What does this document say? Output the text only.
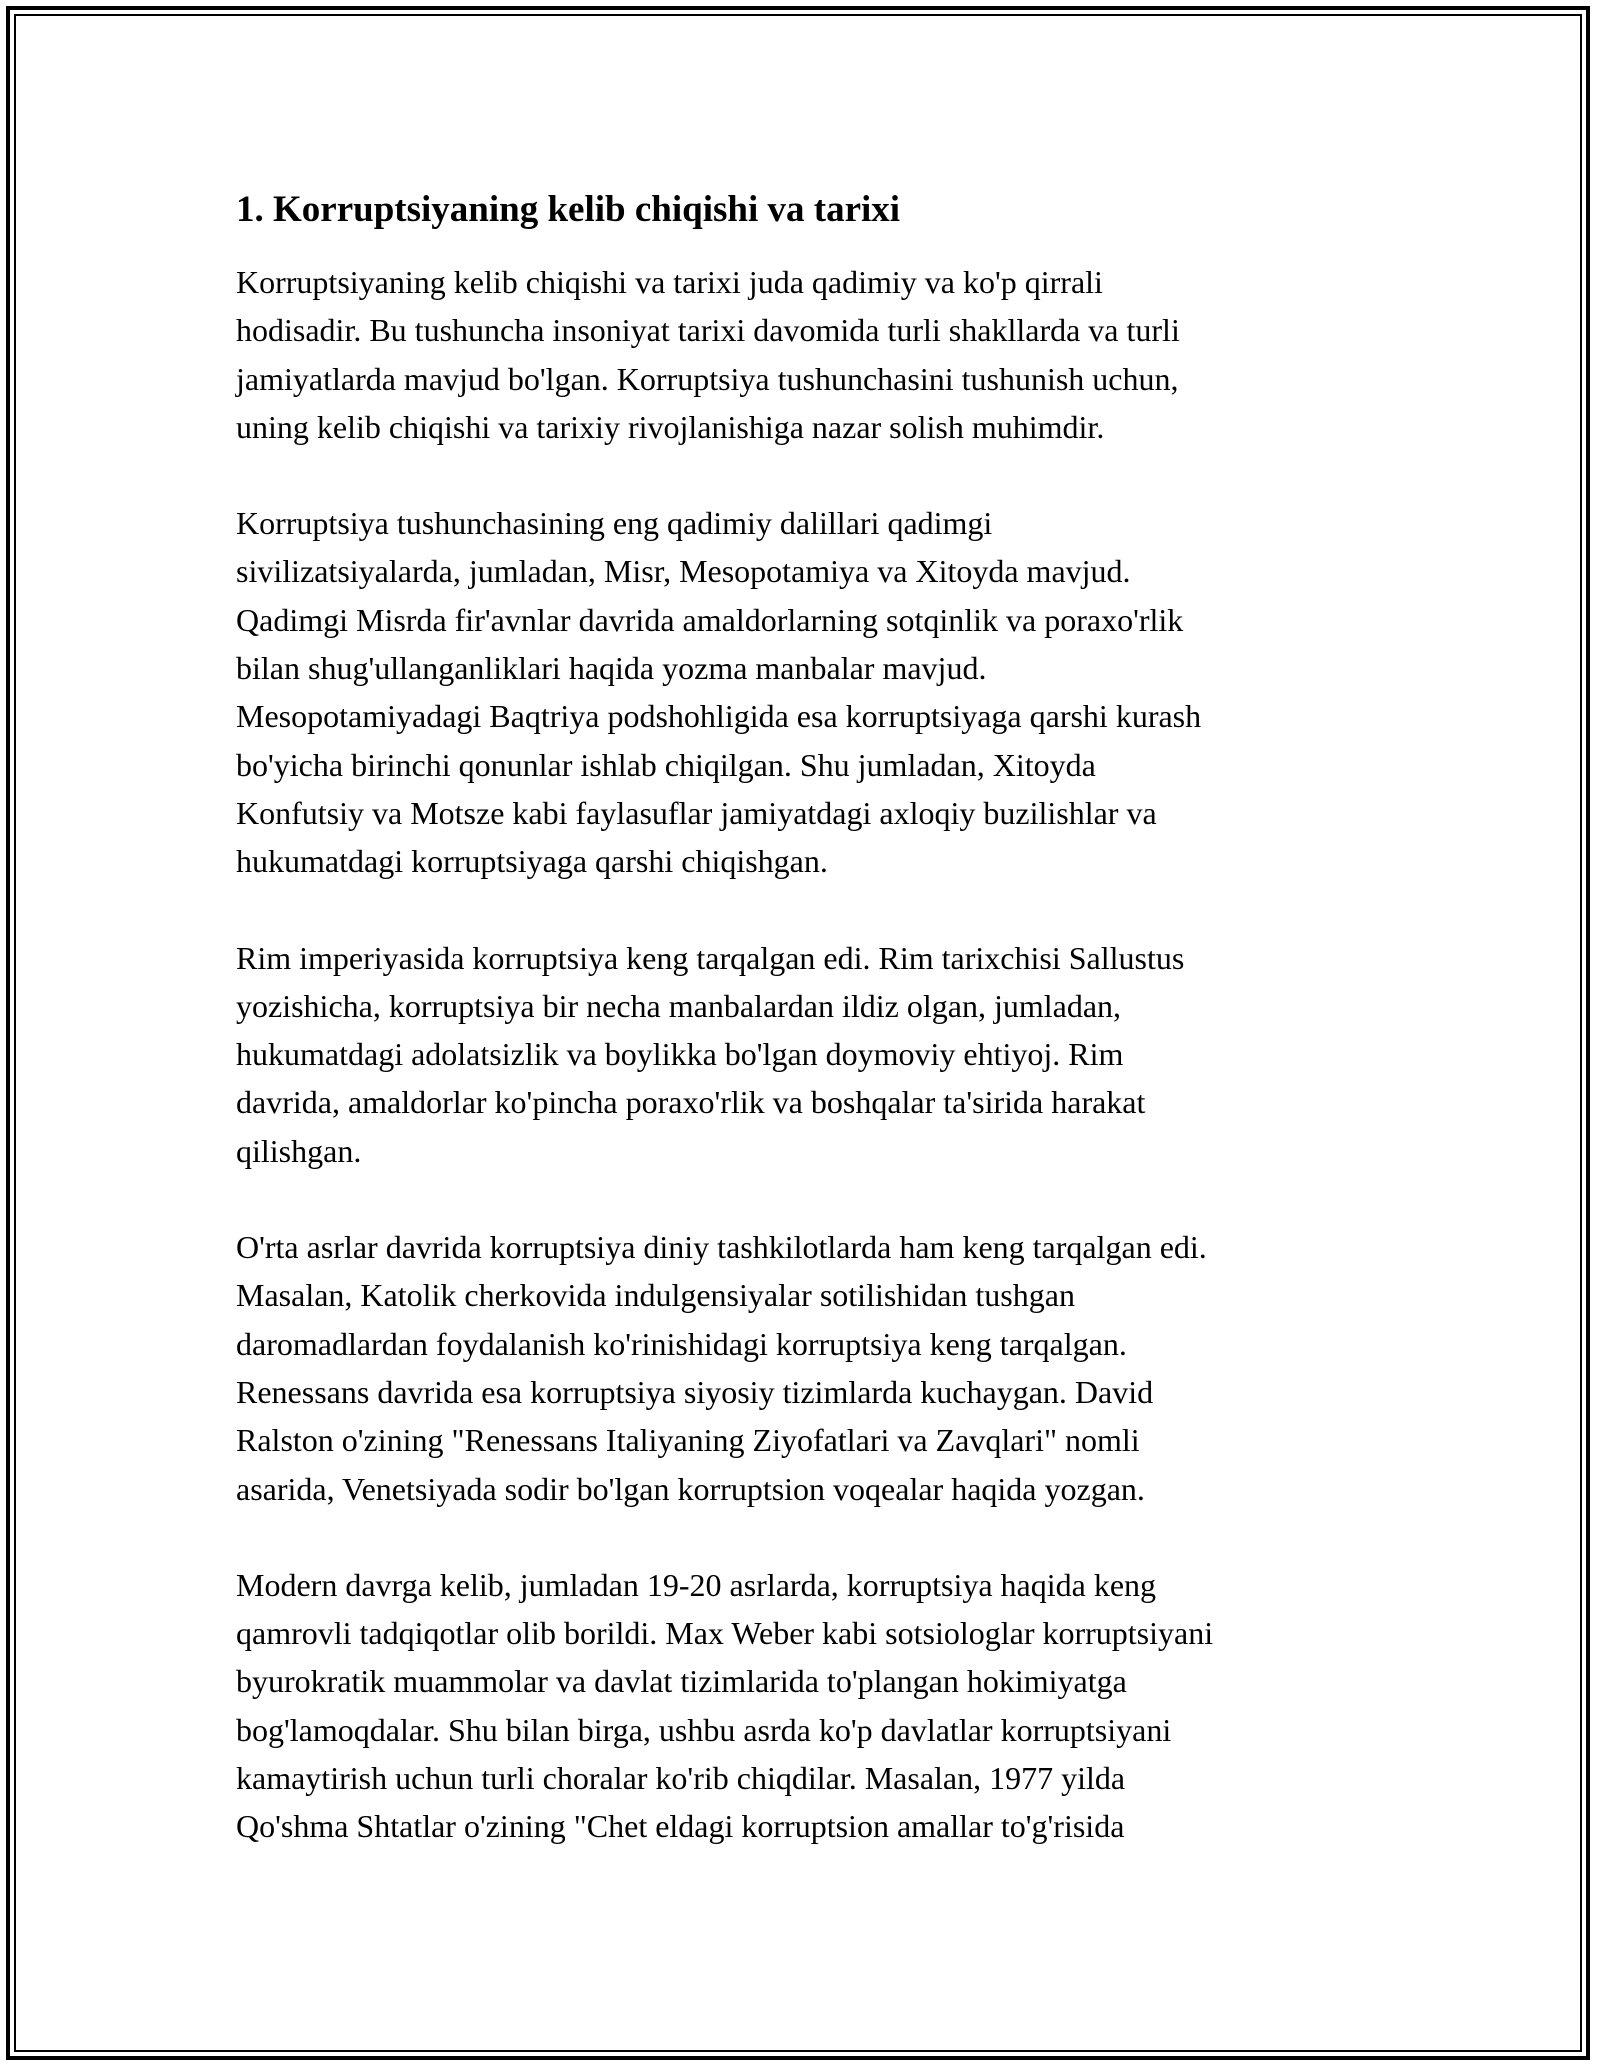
1. Korruptsiyaning kelib chiqishi va tarixi
Korruptsiyaning kelib chiqishi va tarixi juda qadimiy va ko'p qirrali
hodisadir. Bu tushuncha insoniyat tarixi davomida turli shakllarda va turli
jamiyatlarda mavjud bo'lgan. Korruptsiya tushunchasini tushunish uchun,
uning kelib chiqishi va tarixiy rivojlanishiga nazar solish muhimdir.
Korruptsiya tushunchasining eng qadimiy dalillari qadimgi
sivilizatsiyalarda, jumladan, Misr, Mesopotamiya va Xitoyda mavjud.
Qadimgi Misrda fir'avnlar davrida amaldorlarning sotqinlik va poraxo'rlik
bilan shug'ullanganliklari haqida yozma manbalar mavjud.
Mesopotamiyadagi Baqtriya podshohligida esa korruptsiyaga qarshi kurash
bo'yicha birinchi qonunlar ishlab chiqilgan. Shu jumladan, Xitoyda
Konfutsiy va Motsze kabi faylasuflar jamiyatdagi axloqiy buzilishlar va
hukumatdagi korruptsiyaga qarshi chiqishgan.
Rim imperiyasida korruptsiya keng tarqalgan edi. Rim tarixchisi Sallustus
yozishicha, korruptsiya bir necha manbalardan ildiz olgan, jumladan,
hukumatdagi adolatsizlik va boylikka bo'lgan doymoviy ehtiyoj. Rim
davrida, amaldorlar ko'pincha poraxo'rlik va boshqalar ta'sirida harakat
qilishgan.
O'rta asrlar davrida korruptsiya diniy tashkilotlarda ham keng tarqalgan edi.
Masalan, Katolik cherkovida indulgensiyalar sotilishidan tushgan
daromadlardan foydalanish ko'rinishidagi korruptsiya keng tarqalgan.
Renessans davrida esa korruptsiya siyosiy tizimlarda kuchaygan. David
Ralston o'zining "Renessans Italiyaning Ziyofatlari va Zavqlari" nomli
asarida, Venetsiyada sodir bo'lgan korruptsion voqealar haqida yozgan.
Modern davrga kelib, jumladan 19-20 asrlarda, korruptsiya haqida keng
qamrovli tadqiqotlar olib borildi. Max Weber kabi sotsiologlar korruptsiyani
byurokratik muammolar va davlat tizimlarida to'plangan hokimiyatga
bog'lamoqdalar. Shu bilan birga, ushbu asrda ko'p davlatlar korruptsiyani
kamaytirish uchun turli choralar ko'rib chiqdilar. Masalan, 1977 yilda
Qo'shma Shtatlar o'zining "Chet eldagi korruptsion amallar to'g'risida
